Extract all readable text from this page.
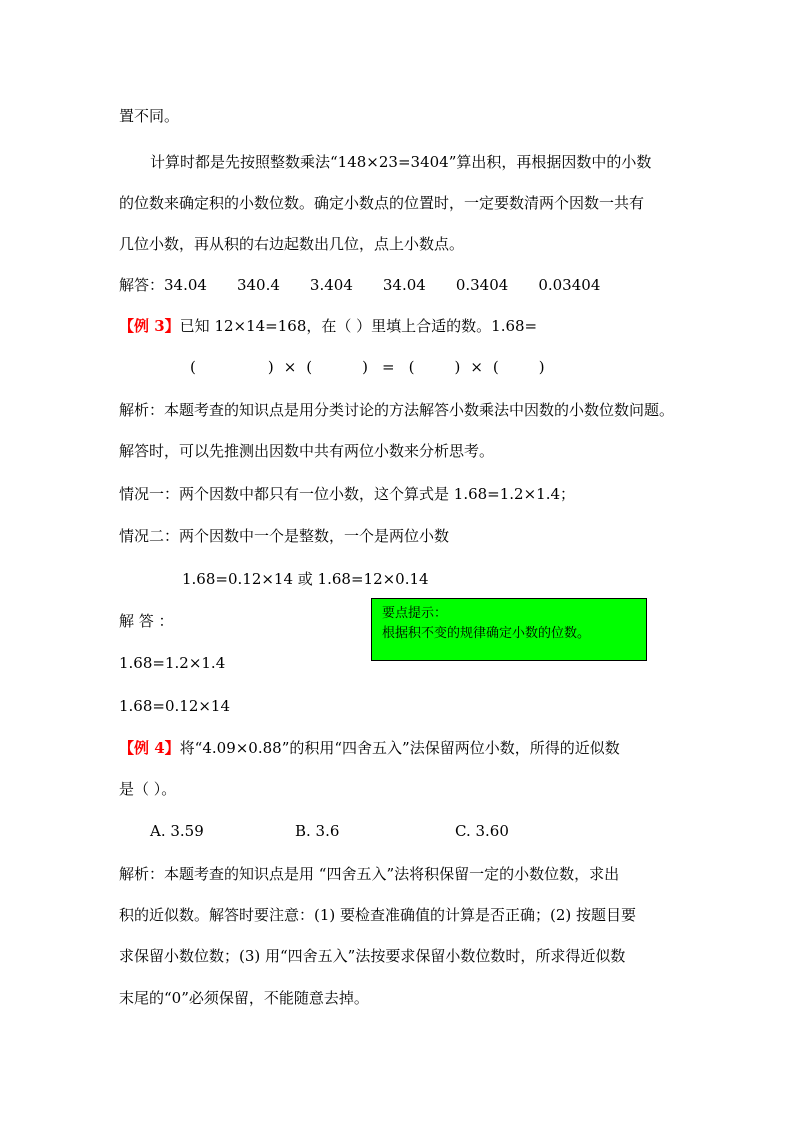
置不同。
计算时都是先按照整数乘法“148×23=3404”算出积，再根据因数中的小数
的位数来确定积的小数位数。确定小数点的位置时，一定要数清两个因数一共有
几位小数，再从积的右边起数出几位，点上小数点。
解答：34.04 340.4 3.404 34.04 0.3404 0.03404
【例 3】已知 12×14=168，在（ ）里填上合适的数。1.68=
(	) × (	) = (	) × (	)
解析：本题考查的知识点是用分类讨论的方法解答小数乘法中因数的小数位数问题。
解答时，可以先推测出因数中共有两位小数来分析思考。
情况一：两个因数中都只有一位小数，这个算式是 1.68=1.2×1.4；
情况二：两个因数中一个是整数，一个是两位小数
1.68=0.12×14 或 1.68=12×0.14
解 答 ：
1.68=1.2×1.4
1.68=0.12×14
要点提示：
根据积不变的规律确定小数的位数。
【例 4】将“4.09×0.88”的积用“四舍五入”法保留两位小数，所得的近似数
是（ ）。
A. 3.59	B. 3.6	C. 3.60
解析：本题考查的知识点是用 “四舍五入”法将积保留一定的小数位数，求出
积的近似数。解答时要注意：(1) 要检查准确值的计算是否正确；(2) 按题目要
求保留小数位数；(3) 用“四舍五入”法按要求保留小数位数时，所求得近似数
末尾的“0”必须保留，不能随意去掉。
